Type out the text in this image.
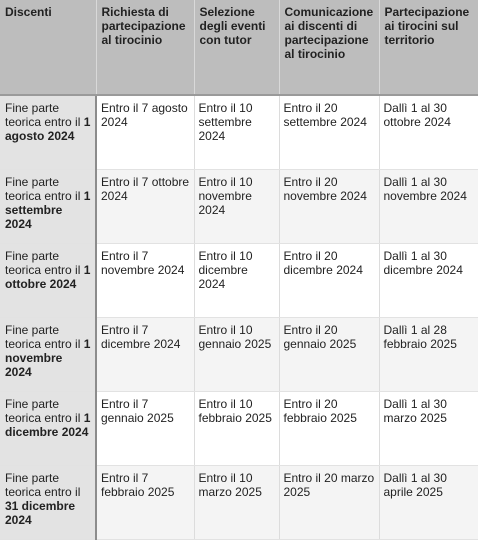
Discenti	Richiesta di partecipazione al tirocinio	Selezione degli eventi con tutor	Comunicazione ai discenti di partecipazione al tirocinio	Partecipazione ai tirocini sul territorio
Fine parte teorica entro il 1 agosto 2024	Entro il 7 agosto 2024	Entro il 10 settembre 2024	Entro il 20 settembre 2024	Dallì 1 al 30 ottobre 2024
Fine parte teorica entro il 1 settembre 2024	Entro il 7 ottobre 2024	Entro il 10 novembre 2024	Entro il 20 novembre 2024	Dallì 1 al 30 novembre 2024
Fine parte teorica entro il 1 ottobre 2024	Entro il 7 novembre 2024	Entro il 10 dicembre 2024	Entro il 20 dicembre 2024	Dallì 1 al 30 dicembre 2024
Fine parte teorica entro il 1 novembre 2024	Entro il 7 dicembre 2024	Entro il 10 gennaio 2025	Entro il 20 gennaio 2025	Dallì 1 al 28 febbraio 2025
Fine parte teorica entro il 1 dicembre 2024	Entro il 7 gennaio 2025	Entro il 10 febbraio 2025	Entro il 20 febbraio 2025	Dallì 1 al 30 marzo 2025
Fine parte teorica entro il 31 dicembre 2024	Entro il 7 febbraio 2025	Entro il 10 marzo 2025	Entro il 20 marzo 2025	Dallì 1 al 30 aprile 2025
